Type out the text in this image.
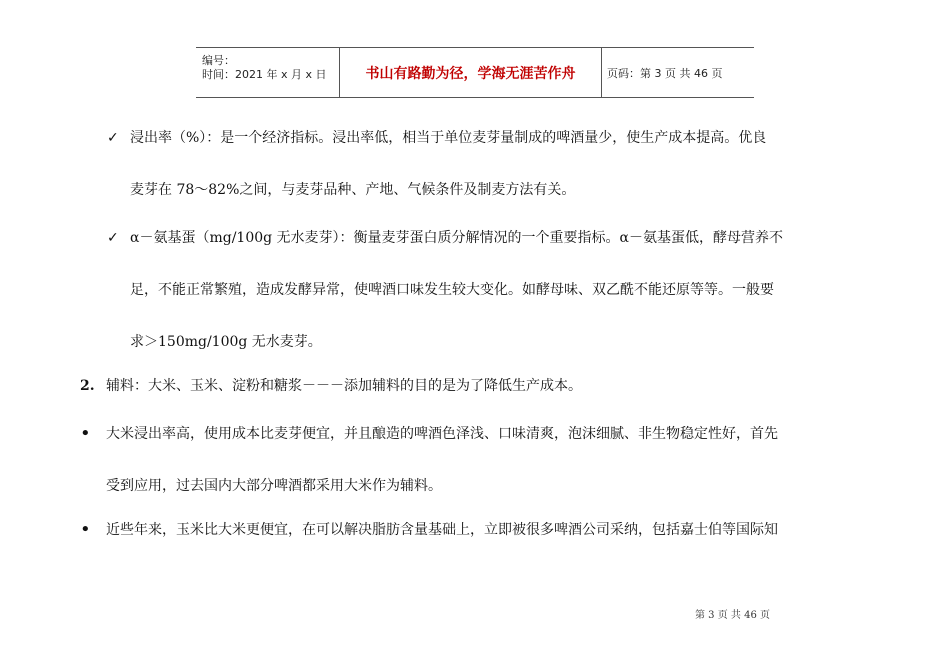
编号：
时间：2021 年 x 月 x 日	书山有路勤为径，学海无涯苦作舟	页码：第 3 页 共 46 页
✓ 浸出率（%）：是一个经济指标。浸出率低，相当于单位麦芽量制成的啤酒量少，使生产成本提高。优良
麦芽在 78～82%之间，与麦芽品种、产地、气候条件及制麦方法有关。
✓ α－氨基蛋（mg/100g 无水麦芽）：衡量麦芽蛋白质分解情况的一个重要指标。α－氨基蛋低，酵母营养不
足，不能正常繁殖，造成发酵异常，使啤酒口味发生较大变化。如酵母味、双乙酰不能还原等等。一般要
求＞150mg/100g 无水麦芽。
2. 辅料：大米、玉米、淀粉和糖浆－－－添加辅料的目的是为了降低生产成本。
• 大米浸出率高，使用成本比麦芽便宜，并且酿造的啤酒色泽浅、口味清爽，泡沫细腻、非生物稳定性好，首先
受到应用，过去国内大部分啤酒都采用大米作为辅料。
• 近些年来，玉米比大米更便宜，在可以解决脂肪含量基础上，立即被很多啤酒公司采纳，包括嘉士伯等国际知
第 3 页 共 46 页
